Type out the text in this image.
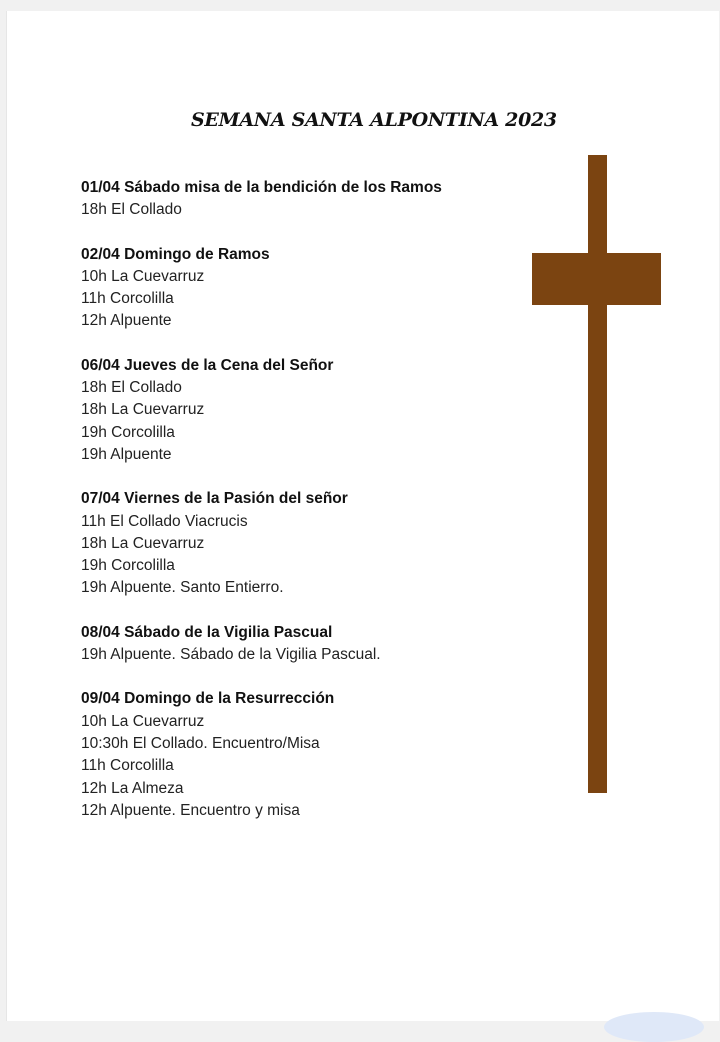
SEMANA SANTA ALPONTINA 2023
01/04 Sábado misa de la bendición de los Ramos
18h El Collado
02/04 Domingo de Ramos
10h La Cuevarruz
11h Corcolilla
12h Alpuente
06/04 Jueves de la Cena del Señor
18h El Collado
18h La Cuevarruz
19h Corcolilla
19h Alpuente
07/04 Viernes de la Pasión del señor
11h El Collado Viacrucis
18h La Cuevarruz
19h Corcolilla
19h Alpuente. Santo Entierro.
08/04 Sábado de la Vigilia Pascual
19h Alpuente. Sábado de la Vigilia Pascual.
09/04 Domingo de la Resurrección
10h La Cuevarruz
10:30h El Collado. Encuentro/Misa
11h Corcolilla
12h La Almeza
12h Alpuente. Encuentro y misa
